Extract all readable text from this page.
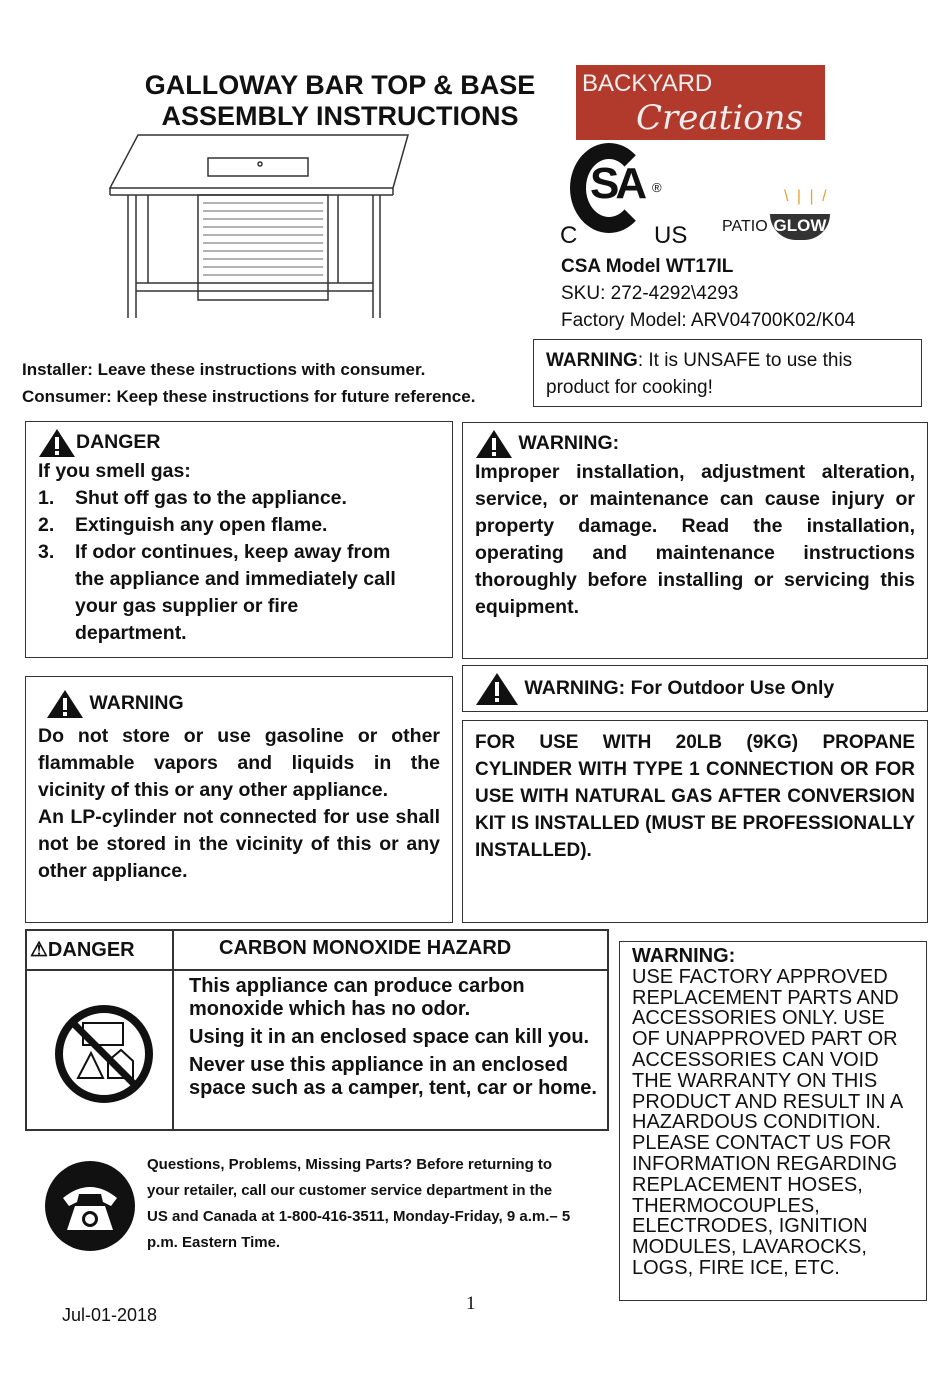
GALLOWAY BAR TOP & BASE
ASSEMBLY INSTRUCTIONS
BACKYARD
Creations
SA ®
C	US
\ | | /
PATIO GLOW
CSA Model WT17IL
SKU: 272-4292\4293
Factory Model: ARV04700K02/K04
Installer: Leave these instructions with consumer.
Consumer: Keep these instructions for future reference.
WARNING: It is UNSAFE to use this product for cooking!
DANGER
If you smell gas:
1.	Shut off gas to the appliance.
2.	Extinguish any open flame.
3.	If odor continues, keep away from the appliance and immediately call your gas supplier or fire department.
WARNING:
Improper installation, adjustment alteration, service, or maintenance can cause injury or property damage. Read the installation, operating and maintenance instructions thoroughly before installing or servicing this equipment.
WARNING
Do not store or use gasoline or other flammable vapors and liquids in the vicinity of this or any other appliance.
An LP-cylinder not connected for use shall not be stored in the vicinity of this or any other appliance.
WARNING: For Outdoor Use Only
FOR USE WITH 20LB (9KG) PROPANE CYLINDER WITH TYPE 1 CONNECTION OR FOR USE WITH NATURAL GAS AFTER CONVERSION KIT IS INSTALLED (MUST BE PROFESSIONALLY INSTALLED).
⚠DANGER	CARBON MONOXIDE HAZARD
This appliance can produce carbon monoxide which has no odor.
Using it in an enclosed space can kill you.
Never use this appliance in an enclosed space such as a camper, tent, car or home.
WARNING:
USE FACTORY APPROVED REPLACEMENT PARTS AND ACCESSORIES ONLY. USE OF UNAPPROVED PART OR ACCESSORIES CAN VOID THE WARRANTY ON THIS PRODUCT AND RESULT IN A HAZARDOUS CONDITION. PLEASE CONTACT US FOR INFORMATION REGARDING REPLACEMENT HOSES, THERMOCOUPLES, ELECTRODES, IGNITION MODULES, LAVAROCKS, LOGS, FIRE ICE, ETC.
Questions, Problems, Missing Parts? Before returning to your retailer, call our customer service department in the US and Canada at 1-800-416-3511, Monday-Friday, 9 a.m.– 5 p.m. Eastern Time.
Jul-01-2018
1
